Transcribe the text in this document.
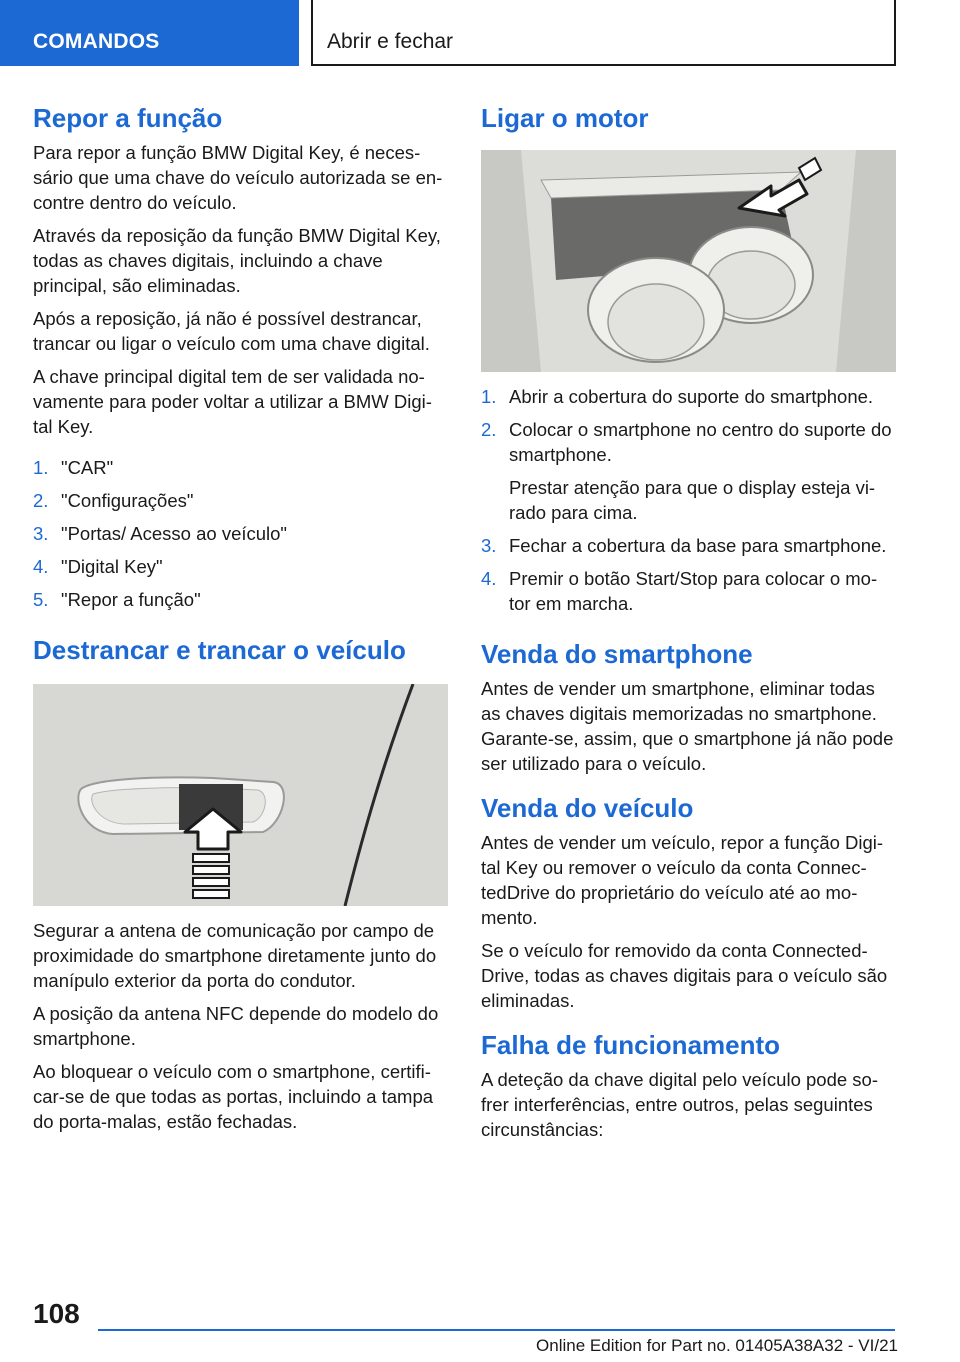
COMANDOS	Abrir e fechar
Repor a função

Para repor a função BMW Digital Key, é neces‐sário que uma chave do veículo autorizada se en‐contre dentro do veículo.

Através da reposição da função BMW Digital Key, todas as chaves digitais, incluindo a chave principal, são eliminadas.

Após a reposição, já não é possível destrancar, trancar ou ligar o veículo com uma chave digital.

A chave principal digital tem de ser validada no‐vamente para poder voltar a utilizar a BMW Digi‐tal Key.

1. "CAR"
2. "Configurações"
3. "Portas/ Acesso ao veículo"
4. "Digital Key"
5. "Repor a função"
Destrancar e trancar o veículo

Segurar a antena de comunicação por campo de proximidade do smartphone diretamente junto do manípulo exterior da porta do condutor.

A posição da antena NFC depende do modelo do smartphone.

Ao bloquear o veículo com o smartphone, certifi‐car-se de que todas as portas, incluindo a tampa do porta-malas, estão fechadas.

Ligar o motor
1. Abrir a cobertura do suporte do smartphone.
2. Colocar o smartphone no centro do suporte do smartphone.
Prestar atenção para que o display esteja vi‐rado para cima.
3. Fechar a cobertura da base para smartphone.
4. Premir o botão Start/Stop para colocar o mo‐tor em marcha.
Venda do smartphone

Antes de vender um smartphone, eliminar todas as chaves digitais memorizadas no smartphone. Garante-se, assim, que o smartphone já não pode ser utilizado para o veículo.

Venda do veículo

Antes de vender um veículo, repor a função Digi‐tal Key ou remover o veículo da conta Connec‐tedDrive do proprietário do veículo até ao mo‐mento.

Se o veículo for removido da conta Connected‐Drive, todas as chaves digitais para o veículo são eliminadas.

Falha de funcionamento

A deteção da chave digital pelo veículo pode so‐frer interferências, entre outros, pelas seguintes circunstâncias:

108
Online Edition for Part no. 01405A38A32 - VI/21
